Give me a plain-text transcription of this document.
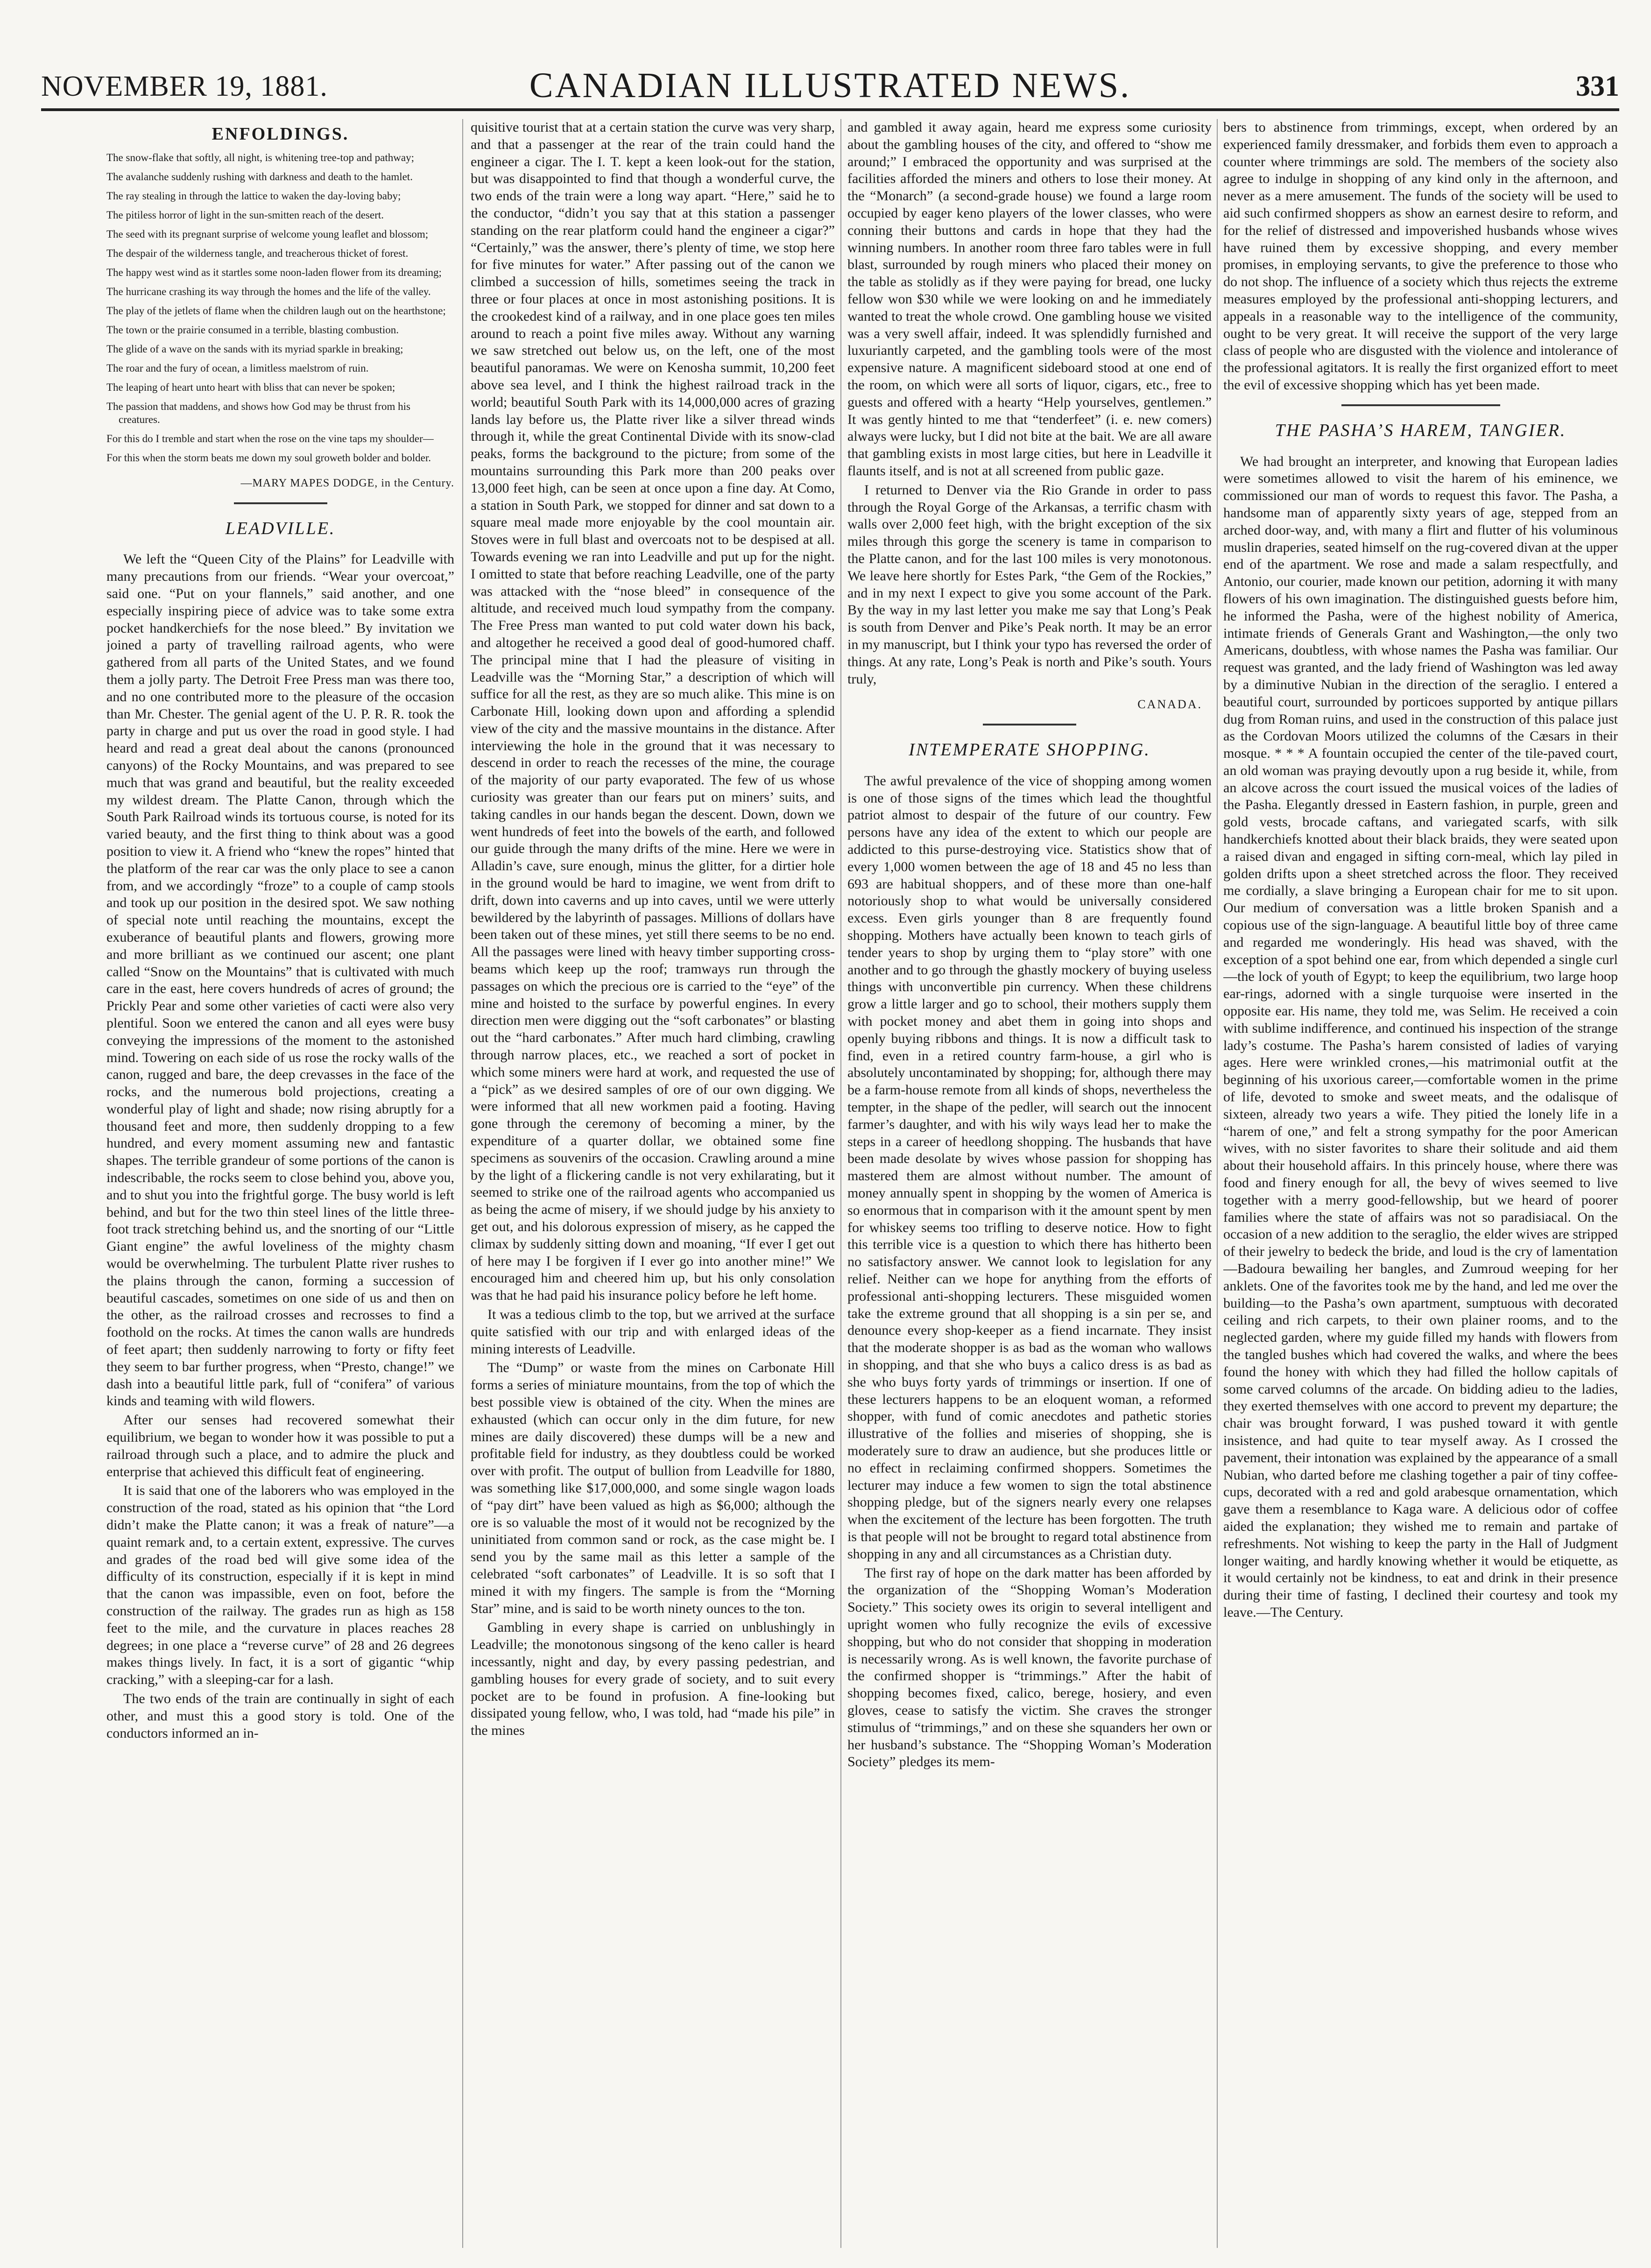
NOVEMBER 19, 1881.	CANADIAN ILLUSTRATED NEWS.	331
ENFOLDINGS.
The snow-flake that softly, all night, is whitening tree-top and pathway;
The avalanche suddenly rushing with darkness and death to the hamlet.
The ray stealing in through the lattice to waken the day-loving baby;
The pitiless horror of light in the sun-smitten reach of the desert.
The seed with its pregnant surprise of welcome young leaflet and blossom;
The despair of the wilderness tangle, and treacherous thicket of forest.
The happy west wind as it startles some noon-laden flower from its dreaming;
The hurricane crashing its way through the homes and the life of the valley.
The play of the jetlets of flame when the children laugh out on the hearthstone;
The town or the prairie consumed in a terrible, blasting combustion.
The glide of a wave on the sands with its myriad sparkle in breaking;
The roar and the fury of ocean, a limitless maelstrom of ruin.
The leaping of heart unto heart with bliss that can never be spoken;
The passion that maddens, and shows how God may be thrust from his creatures.
For this do I tremble and start when the rose on the vine taps my shoulder—
For this when the storm beats me down my soul groweth bolder and bolder.
—MARY MAPES DODGE, in the Century.
LEADVILLE.

We left the “Queen City of the Plains” for Leadville with many precautions from our friends. “Wear your overcoat,” said one. “Put on your flannels,” said another, and one especially inspiring piece of advice was to take some extra pocket handkerchiefs for the nose bleed.” By invitation we joined a party of travelling railroad agents, who were gathered from all parts of the United States, and we found them a jolly party. The Detroit Free Press man was there too, and no one contributed more to the pleasure of the occasion than Mr. Chester. The genial agent of the U. P. R. R. took the party in charge and put us over the road in good style. I had heard and read a great deal about the canons (pronounced canyons) of the Rocky Mountains, and was prepared to see much that was grand and beautiful, but the reality exceeded my wildest dream. The Platte Canon, through which the South Park Railroad winds its tortuous course, is noted for its varied beauty, and the first thing to think about was a good position to view it. A friend who “knew the ropes” hinted that the platform of the rear car was the only place to see a canon from, and we accordingly “froze” to a couple of camp stools and took up our position in the desired spot. We saw nothing of special note until reaching the mountains, except the exuberance of beautiful plants and flowers, growing more and more brilliant as we continued our ascent; one plant called “Snow on the Mountains” that is cultivated with much care in the east, here covers hundreds of acres of ground; the Prickly Pear and some other varieties of cacti were also very plentiful. Soon we entered the canon and all eyes were busy conveying the impressions of the moment to the astonished mind. Towering on each side of us rose the rocky walls of the canon, rugged and bare, the deep crevasses in the face of the rocks, and the numerous bold projections, creating a wonderful play of light and shade; now rising abruptly for a thousand feet and more, then suddenly dropping to a few hundred, and every moment assuming new and fantastic shapes. The terrible grandeur of some portions of the canon is indescribable, the rocks seem to close behind you, above you, and to shut you into the frightful gorge. The busy world is left behind, and but for the two thin steel lines of the little three-foot track stretching behind us, and the snorting of our “Little Giant engine” the awful loveliness of the mighty chasm would be overwhelming. The turbulent Platte river rushes to the plains through the canon, forming a succession of beautiful cascades, sometimes on one side of us and then on the other, as the railroad crosses and recrosses to find a foothold on the rocks. At times the canon walls are hundreds of feet apart; then suddenly narrowing to forty or fifty feet they seem to bar further progress, when “Presto, change!” we dash into a beautiful little park, full of “conifera” of various kinds and teaming with wild flowers.

After our senses had recovered somewhat their equilibrium, we began to wonder how it was possible to put a railroad through such a place, and to admire the pluck and enterprise that achieved this difficult feat of engineering.

It is said that one of the laborers who was employed in the construction of the road, stated as his opinion that “the Lord didn’t make the Platte canon; it was a freak of nature”—a quaint remark and, to a certain extent, expressive. The curves and grades of the road bed will give some idea of the difficulty of its construction, especially if it is kept in mind that the canon was impassible, even on foot, before the construction of the railway. The grades run as high as 158 feet to the mile, and the curvature in places reaches 28 degrees; in one place a “reverse curve” of 28 and 26 degrees makes things lively. In fact, it is a sort of gigantic “whip cracking,” with a sleeping-car for a lash.

The two ends of the train are continually in sight of each other, and must this a good story is told. One of the conductors informed an in-

quisitive tourist that at a certain station the curve was very sharp, and that a passenger at the rear of the train could hand the engineer a cigar. The I. T. kept a keen look-out for the station, but was disappointed to find that though a wonderful curve, the two ends of the train were a long way apart. “Here,” said he to the conductor, “didn’t you say that at this station a passenger standing on the rear platform could hand the engineer a cigar?” “Certainly,” was the answer, there’s plenty of time, we stop here for five minutes for water.” After passing out of the canon we climbed a succession of hills, sometimes seeing the track in three or four places at once in most astonishing positions. It is the crookedest kind of a railway, and in one place goes ten miles around to reach a point five miles away. Without any warning we saw stretched out below us, on the left, one of the most beautiful panoramas. We were on Kenosha summit, 10,200 feet above sea level, and I think the highest railroad track in the world; beautiful South Park with its 14,000,000 acres of grazing lands lay before us, the Platte river like a silver thread winds through it, while the great Continental Divide with its snow-clad peaks, forms the background to the picture; from some of the mountains surrounding this Park more than 200 peaks over 13,000 feet high, can be seen at once upon a fine day. At Como, a station in South Park, we stopped for dinner and sat down to a square meal made more enjoyable by the cool mountain air. Stoves were in full blast and overcoats not to be despised at all. Towards evening we ran into Leadville and put up for the night. I omitted to state that before reaching Leadville, one of the party was attacked with the “nose bleed” in consequence of the altitude, and received much loud sympathy from the company. The Free Press man wanted to put cold water down his back, and altogether he received a good deal of good-humored chaff. The principal mine that I had the pleasure of visiting in Leadville was the “Morning Star,” a description of which will suffice for all the rest, as they are so much alike. This mine is on Carbonate Hill, looking down upon and affording a splendid view of the city and the massive mountains in the distance. After interviewing the hole in the ground that it was necessary to descend in order to reach the recesses of the mine, the courage of the majority of our party evaporated. The few of us whose curiosity was greater than our fears put on miners’ suits, and taking candles in our hands began the descent. Down, down we went hundreds of feet into the bowels of the earth, and followed our guide through the many drifts of the mine. Here we were in Alladin’s cave, sure enough, minus the glitter, for a dirtier hole in the ground would be hard to imagine, we went from drift to drift, down into caverns and up into caves, until we were utterly bewildered by the labyrinth of passages. Millions of dollars have been taken out of these mines, yet still there seems to be no end. All the passages were lined with heavy timber supporting cross-beams which keep up the roof; tramways run through the passages on which the precious ore is carried to the “eye” of the mine and hoisted to the surface by powerful engines. In every direction men were digging out the “soft carbonates” or blasting out the “hard carbonates.” After much hard climbing, crawling through narrow places, etc., we reached a sort of pocket in which some miners were hard at work, and requested the use of a “pick” as we desired samples of ore of our own digging. We were informed that all new workmen paid a footing. Having gone through the ceremony of becoming a miner, by the expenditure of a quarter dollar, we obtained some fine specimens as souvenirs of the occasion. Crawling around a mine by the light of a flickering candle is not very exhilarating, but it seemed to strike one of the railroad agents who accompanied us as being the acme of misery, if we should judge by his anxiety to get out, and his dolorous expression of misery, as he capped the climax by suddenly sitting down and moaning, “If ever I get out of here may I be forgiven if I ever go into another mine!” We encouraged him and cheered him up, but his only consolation was that he had paid his insurance policy before he left home.

It was a tedious climb to the top, but we arrived at the surface quite satisfied with our trip and with enlarged ideas of the mining interests of Leadville.

The “Dump” or waste from the mines on Carbonate Hill forms a series of miniature mountains, from the top of which the best possible view is obtained of the city. When the mines are exhausted (which can occur only in the dim future, for new mines are daily discovered) these dumps will be a new and profitable field for industry, as they doubtless could be worked over with profit. The output of bullion from Leadville for 1880, was something like $17,000,000, and some single wagon loads of “pay dirt” have been valued as high as $6,000; although the ore is so valuable the most of it would not be recognized by the uninitiated from common sand or rock, as the case might be. I send you by the same mail as this letter a sample of the celebrated “soft carbonates” of Leadville. It is so soft that I mined it with my fingers. The sample is from the “Morning Star” mine, and is said to be worth ninety ounces to the ton.

Gambling in every shape is carried on unblushingly in Leadville; the monotonous singsong of the keno caller is heard incessantly, night and day, by every passing pedestrian, and gambling houses for every grade of society, and to suit every pocket are to be found in profusion. A fine-looking but dissipated young fellow, who, I was told, had “made his pile” in the mines

and gambled it away again, heard me express some curiosity about the gambling houses of the city, and offered to “show me around;” I embraced the opportunity and was surprised at the facilities afforded the miners and others to lose their money. At the “Monarch” (a second-grade house) we found a large room occupied by eager keno players of the lower classes, who were conning their buttons and cards in hope that they had the winning numbers. In another room three faro tables were in full blast, surrounded by rough miners who placed their money on the table as stolidly as if they were paying for bread, one lucky fellow won $30 while we were looking on and he immediately wanted to treat the whole crowd. One gambling house we visited was a very swell affair, indeed. It was splendidly furnished and luxuriantly carpeted, and the gambling tools were of the most expensive nature. A magnificent sideboard stood at one end of the room, on which were all sorts of liquor, cigars, etc., free to guests and offered with a hearty “Help yourselves, gentlemen.” It was gently hinted to me that “tenderfeet” (i. e. new comers) always were lucky, but I did not bite at the bait. We are all aware that gambling exists in most large cities, but here in Leadville it flaunts itself, and is not at all screened from public gaze.

I returned to Denver via the Rio Grande in order to pass through the Royal Gorge of the Arkansas, a terrific chasm with walls over 2,000 feet high, with the bright exception of the six miles through this gorge the scenery is tame in comparison to the Platte canon, and for the last 100 miles is very monotonous. We leave here shortly for Estes Park, “the Gem of the Rockies,” and in my next I expect to give you some account of the Park. By the way in my last letter you make me say that Long’s Peak is south from Denver and Pike’s Peak north. It may be an error in my manuscript, but I think your typo has reversed the order of things. At any rate, Long’s Peak is north and Pike’s south. Yours truly,

CANADA.
INTEMPERATE SHOPPING.

The awful prevalence of the vice of shopping among women is one of those signs of the times which lead the thoughtful patriot almost to despair of the future of our country. Few persons have any idea of the extent to which our people are addicted to this purse-destroying vice. Statistics show that of every 1,000 women between the age of 18 and 45 no less than 693 are habitual shoppers, and of these more than one-half notoriously shop to what would be universally considered excess. Even girls younger than 8 are frequently found shopping. Mothers have actually been known to teach girls of tender years to shop by urging them to “play store” with one another and to go through the ghastly mockery of buying useless things with unconvertible pin currency. When these childrens grow a little larger and go to school, their mothers supply them with pocket money and abet them in going into shops and openly buying ribbons and things. It is now a difficult task to find, even in a retired country farm-house, a girl who is absolutely uncontaminated by shopping; for, although there may be a farm-house remote from all kinds of shops, nevertheless the tempter, in the shape of the pedler, will search out the innocent farmer’s daughter, and with his wily ways lead her to make the steps in a career of heedlong shopping. The husbands that have been made desolate by wives whose passion for shopping has mastered them are almost without number. The amount of money annually spent in shopping by the women of America is so enormous that in comparison with it the amount spent by men for whiskey seems too trifling to deserve notice. How to fight this terrible vice is a question to which there has hitherto been no satisfactory answer. We cannot look to legislation for any relief. Neither can we hope for anything from the efforts of professional anti-shopping lecturers. These misguided women take the extreme ground that all shopping is a sin per se, and denounce every shop-keeper as a fiend incarnate. They insist that the moderate shopper is as bad as the woman who wallows in shopping, and that she who buys a calico dress is as bad as she who buys forty yards of trimmings or insertion. If one of these lecturers happens to be an eloquent woman, a reformed shopper, with fund of comic anecdotes and pathetic stories illustrative of the follies and miseries of shopping, she is moderately sure to draw an audience, but she produces little or no effect in reclaiming confirmed shoppers. Sometimes the lecturer may induce a few women to sign the total abstinence shopping pledge, but of the signers nearly every one relapses when the excitement of the lecture has been forgotten. The truth is that people will not be brought to regard total abstinence from shopping in any and all circumstances as a Christian duty.

The first ray of hope on the dark matter has been afforded by the organization of the “Shopping Woman’s Moderation Society.” This society owes its origin to several intelligent and upright women who fully recognize the evils of excessive shopping, but who do not consider that shopping in moderation is necessarily wrong. As is well known, the favorite purchase of the confirmed shopper is “trimmings.” After the habit of shopping becomes fixed, calico, berege, hosiery, and even gloves, cease to satisfy the victim. She craves the stronger stimulus of “trimmings,” and on these she squanders her own or her husband’s substance. The “Shopping Woman’s Moderation Society” pledges its mem-

bers to abstinence from trimmings, except, when ordered by an experienced family dressmaker, and forbids them even to approach a counter where trimmings are sold. The members of the society also agree to indulge in shopping of any kind only in the afternoon, and never as a mere amusement. The funds of the society will be used to aid such confirmed shoppers as show an earnest desire to reform, and for the relief of distressed and impoverished husbands whose wives have ruined them by excessive shopping, and every member promises, in employing servants, to give the preference to those who do not shop. The influence of a society which thus rejects the extreme measures employed by the professional anti-shopping lecturers, and appeals in a reasonable way to the intelligence of the community, ought to be very great. It will receive the support of the very large class of people who are disgusted with the violence and intolerance of the professional agitators. It is really the first organized effort to meet the evil of excessive shopping which has yet been made.

THE PASHA’S HAREM, TANGIER.

We had brought an interpreter, and knowing that European ladies were sometimes allowed to visit the harem of his eminence, we commissioned our man of words to request this favor. The Pasha, a handsome man of apparently sixty years of age, stepped from an arched door-way, and, with many a flirt and flutter of his voluminous muslin draperies, seated himself on the rug-covered divan at the upper end of the apartment. We rose and made a salam respectfully, and Antonio, our courier, made known our petition, adorning it with many flowers of his own imagination. The distinguished guests before him, he informed the Pasha, were of the highest nobility of America, intimate friends of Generals Grant and Washington,—the only two Americans, doubtless, with whose names the Pasha was familiar. Our request was granted, and the lady friend of Washington was led away by a diminutive Nubian in the direction of the seraglio. I entered a beautiful court, surrounded by porticoes supported by antique pillars dug from Roman ruins, and used in the construction of this palace just as the Cordovan Moors utilized the columns of the Cæsars in their mosque. * * * A fountain occupied the center of the tile-paved court, an old woman was praying devoutly upon a rug beside it, while, from an alcove across the court issued the musical voices of the ladies of the Pasha. Elegantly dressed in Eastern fashion, in purple, green and gold vests, brocade caftans, and variegated scarfs, with silk handkerchiefs knotted about their black braids, they were seated upon a raised divan and engaged in sifting corn-meal, which lay piled in golden drifts upon a sheet stretched across the floor. They received me cordially, a slave bringing a European chair for me to sit upon. Our medium of conversation was a little broken Spanish and a copious use of the sign-language. A beautiful little boy of three came and regarded me wonderingly. His head was shaved, with the exception of a spot behind one ear, from which depended a single curl—the lock of youth of Egypt; to keep the equilibrium, two large hoop ear-rings, adorned with a single turquoise were inserted in the opposite ear. His name, they told me, was Selim. He received a coin with sublime indifference, and continued his inspection of the strange lady’s costume. The Pasha’s harem consisted of ladies of varying ages. Here were wrinkled crones,—his matrimonial outfit at the beginning of his uxorious career,—comfortable women in the prime of life, devoted to smoke and sweet meats, and the odalisque of sixteen, already two years a wife. They pitied the lonely life in a “harem of one,” and felt a strong sympathy for the poor American wives, with no sister favorites to share their solitude and aid them about their household affairs. In this princely house, where there was food and finery enough for all, the bevy of wives seemed to live together with a merry good-fellowship, but we heard of poorer families where the state of affairs was not so paradisiacal. On the occasion of a new addition to the seraglio, the elder wives are stripped of their jewelry to bedeck the bride, and loud is the cry of lamentation—Badoura bewailing her bangles, and Zumroud weeping for her anklets. One of the favorites took me by the hand, and led me over the building—to the Pasha’s own apartment, sumptuous with decorated ceiling and rich carpets, to their own plainer rooms, and to the neglected garden, where my guide filled my hands with flowers from the tangled bushes which had covered the walks, and where the bees found the honey with which they had filled the hollow capitals of some carved columns of the arcade. On bidding adieu to the ladies, they exerted themselves with one accord to prevent my departure; the chair was brought forward, I was pushed toward it with gentle insistence, and had quite to tear myself away. As I crossed the pavement, their intonation was explained by the appearance of a small Nubian, who darted before me clashing together a pair of tiny coffee-cups, decorated with a red and gold arabesque ornamentation, which gave them a resemblance to Kaga ware. A delicious odor of coffee aided the explanation; they wished me to remain and partake of refreshments. Not wishing to keep the party in the Hall of Judgment longer waiting, and hardly knowing whether it would be etiquette, as it would certainly not be kindness, to eat and drink in their presence during their time of fasting, I declined their courtesy and took my leave.—The Century.
